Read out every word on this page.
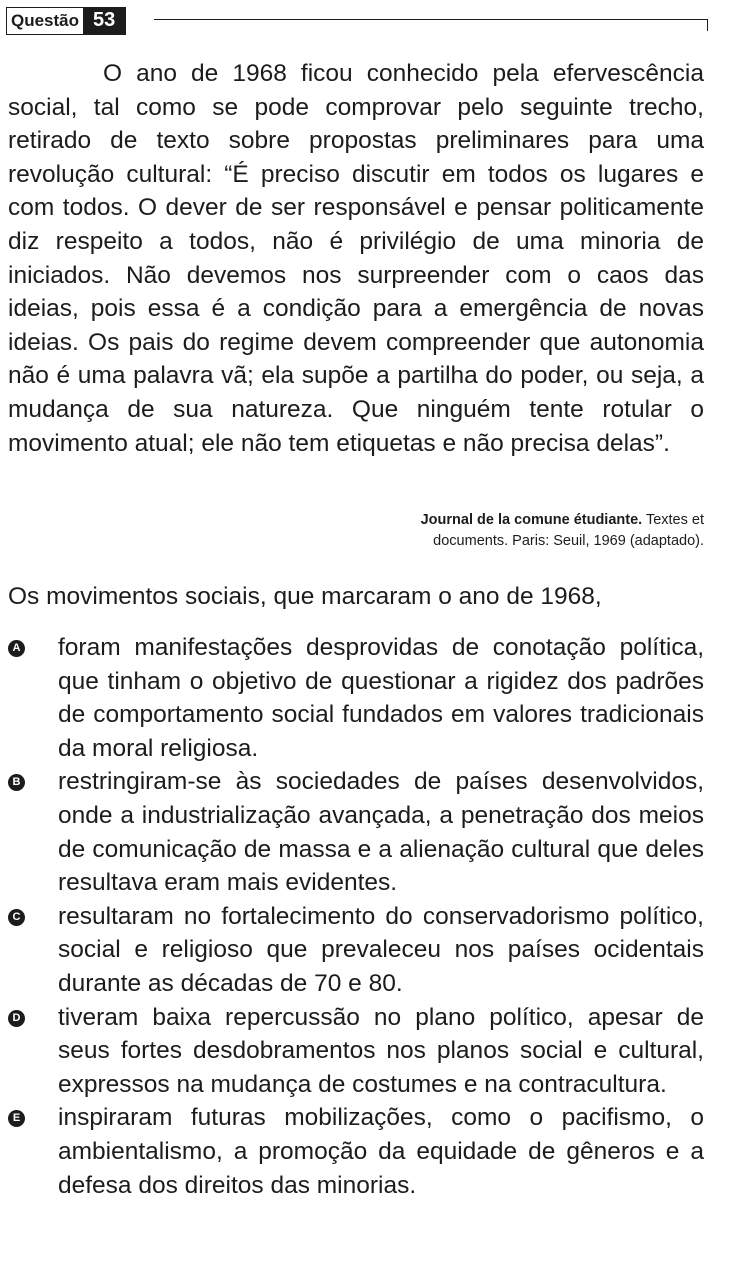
Questão 53

O ano de 1968 ficou conhecido pela efervescência social, tal como se pode comprovar pelo seguinte trecho, retirado de texto sobre propostas preliminares para uma revolução cultural: “É preciso discutir em todos os lugares e com todos. O dever de ser responsável e pensar politicamente diz respeito a todos, não é privilégio de uma minoria de iniciados. Não devemos nos surpreender com o caos das ideias, pois essa é a condição para a emergência de novas ideias. Os pais do regime devem compreender que autonomia não é uma palavra vã; ela supõe a partilha do poder, ou seja, a mudança de sua natureza. Que ninguém tente rotular o movimento atual; ele não tem etiquetas e não precisa delas”.

Journal de la comune étudiante. Textes et
documents. Paris: Seuil, 1969 (adaptado).

Os movimentos sociais, que marcaram o ano de 1968,

A foram manifestações desprovidas de conotação política, que tinham o objetivo de questionar a rigidez dos padrões de comportamento social fundados em valores tradicionais da moral religiosa.
B restringiram-se às sociedades de países desenvolvidos, onde a industrialização avançada, a penetração dos meios de comunicação de massa e a alienação cultural que deles resultava eram mais evidentes.
C resultaram no fortalecimento do conservadorismo político, social e religioso que prevaleceu nos países ocidentais durante as décadas de 70 e 80.
D tiveram baixa repercussão no plano político, apesar de seus fortes desdobramentos nos planos social e cultural, expressos na mudança de costumes e na contracultura.
E inspiraram futuras mobilizações, como o pacifismo, o ambientalismo, a promoção da equidade de gêneros e a defesa dos direitos das minorias.
